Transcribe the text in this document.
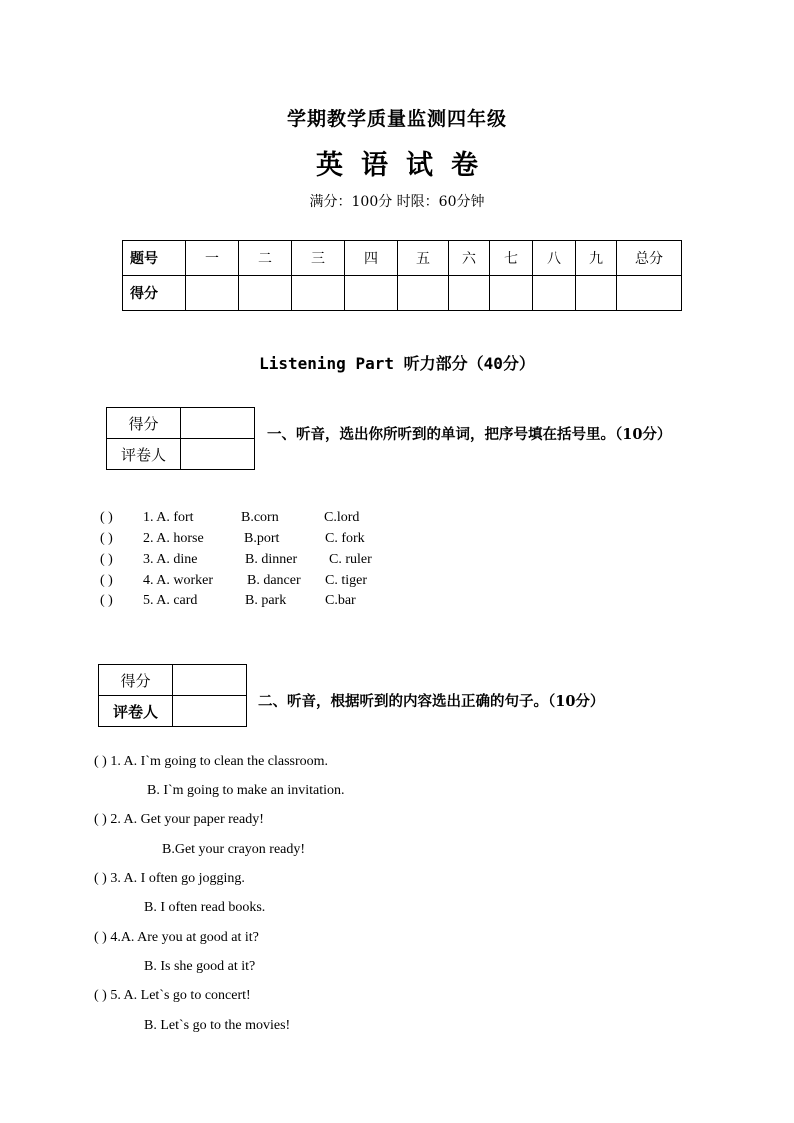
学期教学质量监测四年级
英 语 试 卷
满分：100分 时限：60分钟
题号	一	二	三	四	五	六	七	八	九	总分
得分										
Listening Part 听力部分（40分）
得分	
评卷人	
一、听音，选出你所听到的单词，把序号填在括号里。（10分）
( ) 1. A. fort	B.corn	C.lord
( ) 2. A. horse	B.port	C. fork
( ) 3. A. dine	B. dinner C. ruler
( ) 4. A. worker B. dancer C. tiger
( ) 5. A. card	B. park	C.bar
得分	
评卷人	
二、听音，根据听到的内容选出正确的句子。（10分）
( ) 1. A. I`m going to clean the classroom.
B. I`m going to make an invitation.
( ) 2. A. Get your paper ready!
B.Get your crayon ready!
( ) 3. A. I often go jogging.
B. I often read books.
( ) 4.A. Are you at good at it?
B. Is she good at it?
( ) 5. A. Let`s go to concert!
B. Let`s go to the movies!
